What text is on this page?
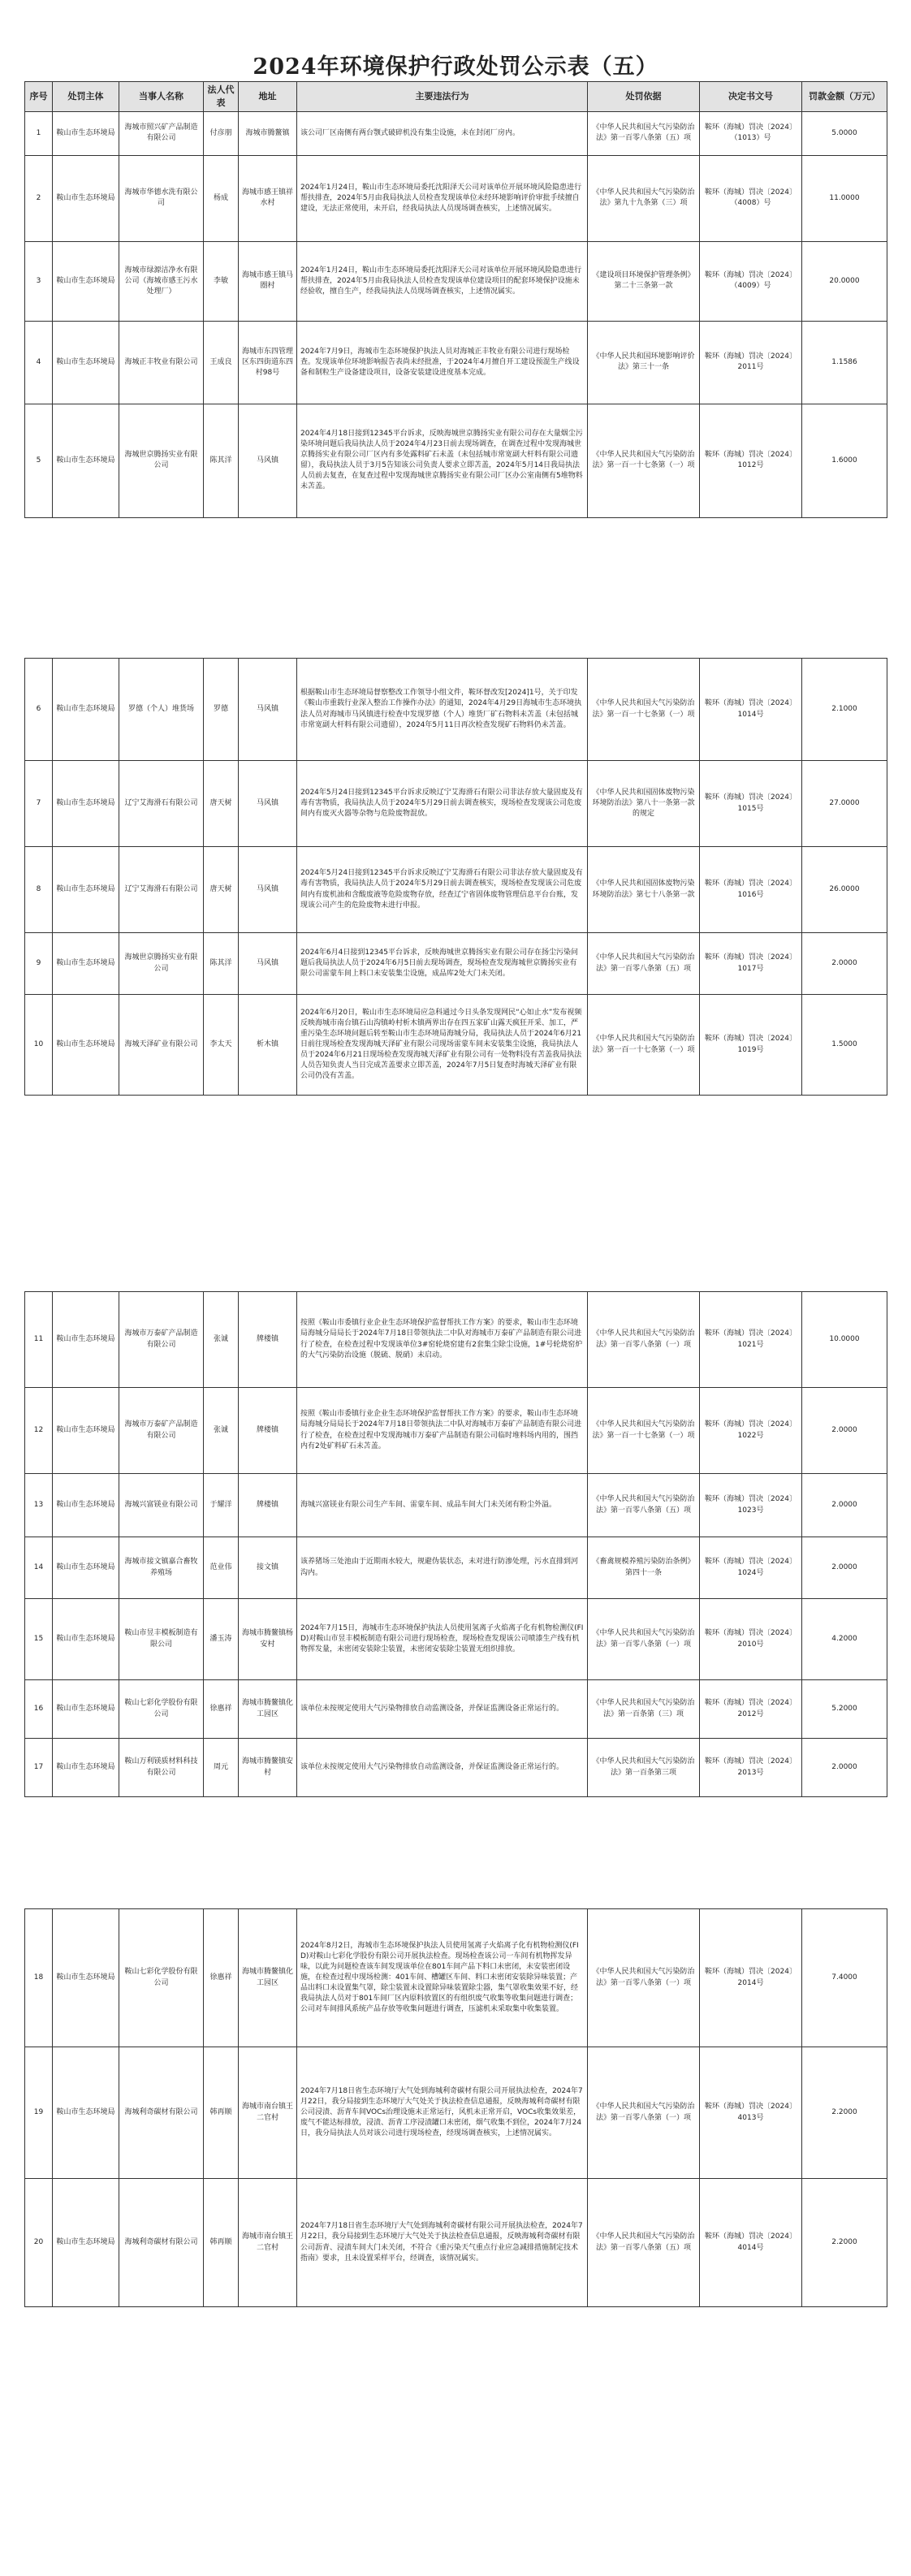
2024年环境保护行政处罚公示表（五）
序号	处罚主体	当事人名称	法人代表	地址	主要违法行为	处罚依据	决定书文号	罚款金额（万元）
1	鞍山市生态环境局	海城市照兴矿产品制造有限公司	付彦朋	海城市腾鳌镇	该公司厂区南侧有两台颚式破碎机没有集尘设施，未在封闭厂房内。	《中华人民共和国大气污染防治法》第一百零八条第（五）项	鞍环（海城）罚决〔2024〕（1013）号	5.0000
2	鞍山市生态环境局	海城市华德水洗有限公司	杨成	海城市感王镇祥水村	2024年1月24日，鞍山市生态环境局委托沈阳泽天公司对该单位开展环境风险隐患进行帮扶排查，2024年5月由我局执法人员检查发现该单位未经环境影响评价审批手续擅自建设，无法正常使用，未开启，经我局执法人员现场调查核实，上述情况属实。	《中华人民共和国大气污染防治法》第九十九条第（三）项	鞍环（海城）罚决〔2024〕（4008）号	11.0000
3	鞍山市生态环境局	海城市绿源洁净水有限公司（海城市感王污水处理厂）	李敏	海城市感王镇马圈村	2024年1月24日，鞍山市生态环境局委托沈阳泽天公司对该单位开展环境风险隐患进行帮扶排查，2024年5月由我局执法人员检查发现该单位建设项目的配套环境保护设施未经验收，擅自生产，经我局执法人员现场调查核实，上述情况属实。	《建设项目环境保护管理条例》第二十三条第一款	鞍环（海城）罚决〔2024〕（4009）号	20.0000
4	鞍山市生态环境局	海城正丰牧业有限公司	王成良	海城市东四管理区东四街道东四村98号	2024年7月9日，海城市生态环境保护执法人员对海城正丰牧业有限公司进行现场检查。发现该单位环境影响报告表尚未经批准，于2024年4月擅自开工建设预混生产线设备和制粒生产设备建设项目，设备安装建设进度基本完成。	《中华人民共和国环境影响评价法》第三十一条	鞍环（海城）罚决〔2024〕2011号	1.1586
5	鞍山市生态环境局	海城世京腾扬实业有限公司	陈其洋	马风镇	2024年4月18日接到12345平台诉求，反映海城世京腾扬实业有限公司存在大量烟尘污染环境问题后我局执法人员于2024年4月23日前去现场调查，在调查过程中发现海城世京腾扬实业有限公司厂区内有多处露料矿石未盖（未包括城市常宽副大杆料有限公司遗留），我局执法人员于3月5告知该公司负责人要求立即苫盖，2024年5月14日我局执法人员前去复查，在复查过程中发现海城世京腾扬实业有限公司厂区办公室南侧有5堆物料未苫盖。	《中华人民共和国大气污染防治法》第一百一十七条第（一）项	鞍环（海城）罚决〔2024〕1012号	1.6000
6	鞍山市生态环境局	罗德（个人）堆货场	罗德	马风镇	根据鞍山市生态环境局督察整改工作领导小组文件，鞍环督改发[2024]1号，关于印发《鞍山市重载行业深入整治工作操作办法》的通知，2024年4月29日海城市生态环境执法人员对海城市马风镇进行检查中发现罗德（个人）堆货厂矿石物料未苫盖（未包括城市常宽副大杆料有限公司遗留），2024年5月11日再次检查发现矿石物料仍未苫盖。	《中华人民共和国大气污染防治法》第一百一十七条第（一）项	鞍环（海城）罚决〔2024〕1014号	2.1000
7	鞍山市生态环境局	辽宁艾海滑石有限公司	唐天树	马风镇	2024年5月24日接到12345平台诉求反映辽宁艾海滑石有限公司非法存放大量固废及有毒有害物质，我局执法人员于2024年5月29日前去调查核实，现场检查发现该公司危废间内有废灭火器等杂物与危险废物混放。	《中华人民共和国固体废物污染环境防治法》第八十一条第一款的规定	鞍环（海城）罚决〔2024〕1015号	27.0000
8	鞍山市生态环境局	辽宁艾海滑石有限公司	唐天树	马风镇	2024年5月24日接到12345平台诉求反映辽宁艾海滑石有限公司非法存放大量固废及有毒有害物质，我局执法人员于2024年5月29日前去调查核实，现场检查发现该公司危废间内有废机油和含酸废液等危险废物存放，经查辽宁省固体废物管理信息平台台账，发现该公司产生的危险废物未进行申报。	《中华人民共和国固体废物污染环境防治法》第七十八条第一款	鞍环（海城）罚决〔2024〕1016号	26.0000
9	鞍山市生态环境局	海城世京腾扬实业有限公司	陈其洋	马风镇	2024年6月4日接到12345平台诉求，反映海城世京腾扬实业有限公司存在扬尘污染问题后我局执法人员于2024年6月5日前去现场调查，现场检查发现海城世京腾扬实业有限公司雷蒙车间上料口未安装集尘设施，成品库2处大门未关闭。	《中华人民共和国大气污染防治法》第一百零八条第（五）项	鞍环（海城）罚决〔2024〕1017号	2.0000
10	鞍山市生态环境局	海城天泽矿业有限公司	李太天	析木镇	2024年6月20日，鞍山市生态环境局应急科通过今日头条发现网民“心如止水”发布视频反映海城市南台镇石山沟镇岭村析木镇两界出存在四五家矿山露天疯狂开采、加工，严重污染生态环境问题后转至鞍山市生态环境局海城分局，我局执法人员于2024年6月21日前往现场检查发现海城天泽矿业有限公司现场雷蒙车间未安装集尘设施，我局执法人员于2024年6月21日现场检查发现海城天泽矿业有限公司有一处物料没有苫盖我局执法人员告知负责人当日完成苫盖要求立即苫盖，2024年7月5日复查时海城天泽矿业有限公司仍没有苫盖。	《中华人民共和国大气污染防治法》第一百一十七条第（一）项	鞍环（海城）罚决〔2024〕1019号	1.5000
11	鞍山市生态环境局	海城市万泰矿产品制造有限公司	张诚	牌楼镇	按照《鞍山市委镇行业企业生态环境保护监督帮扶工作方案》的要求，鞍山市生态环境局海城分局局长于2024年7月18日带领执法二中队对海城市万泰矿产品制造有限公司进行了检查，在检查过程中发现该单位3#窑轮烧窑建有2套集尘除尘设施，1#号轮烧窑炉的大气污染防治设施（脱硫、脱硝）未启动。	《中华人民共和国大气污染防治法》第一百零八条第（一）项	鞍环（海城）罚决〔2024〕1021号	10.0000
12	鞍山市生态环境局	海城市万泰矿产品制造有限公司	张诚	牌楼镇	按照《鞍山市委镇行业企业生态环境保护监督帮扶工作方案》的要求，鞍山市生态环境局海城分局局长于2024年7月18日带领执法二中队对海城市万泰矿产品制造有限公司进行了检查，在检查过程中发现海城市万泰矿产品制造有限公司临时堆料场内用的，围挡内有2处矿料矿石未苫盖。	《中华人民共和国大气污染防治法》第一百一十七条第（一）项	鞍环（海城）罚决〔2024〕1022号	2.0000
13	鞍山市生态环境局	海城兴富镁业有限公司	于耀洋	牌楼镇	海城兴富镁业有限公司生产车间、雷蒙车间、成品车间大门未关闭有粉尘外溢。	《中华人民共和国大气污染防治法》第一百零八条第（五）项	鞍环（海城）罚决〔2024〕1023号	2.0000
14	鞍山市生态环境局	海城市接文镇嘉合畜牧养殖场	范业伟	接文镇	该养猪场三处池由于近期雨水较大，规避伪装状态，未对进行防渗处理，污水直排到河沟内。	《畜禽规模养殖污染防治条例》第四十一条	鞍环（海城）罚决〔2024〕1024号	2.0000
15	鞍山市生态环境局	鞍山市昱丰模板制造有限公司	潘玉涛	海城市腾鳌镇杨安村	2024年7月15日，海城市生态环境保护执法人员使用氢离子火焰离子化有机物检测仪(FID)对鞍山市昱丰模板制造有限公司进行现场检查，现场检查发现该公司喷漆生产线有机物挥发量，未密闭安装除尘装置，未密闭安装除尘装置无组织排放。	《中华人民共和国大气污染防治法》第一百零八条第（一）项	鞍环（海城）罚决〔2024〕2010号	4.2000
16	鞍山市生态环境局	鞍山七彩化学股份有限公司	徐惠祥	海城市腾鳌镇化工园区	该单位未按规定使用大气污染物排放自动监测设备，并保证监测设备正常运行的。	《中华人民共和国大气污染防治法》第一百条第（三）项	鞍环（海城）罚决〔2024〕2012号	5.2000
17	鞍山市生态环境局	鞍山万利镁质材料科技有限公司	周元	海城市腾鳌镇安村	该单位未按规定使用大气污染物排放自动监测设备，并保证监测设备正常运行的。	《中华人民共和国大气污染防治法》第一百条第三项	鞍环（海城）罚决〔2024〕2013号	2.0000
18	鞍山市生态环境局	鞍山七彩化学股份有限公司	徐惠祥	海城市腾鳌镇化工园区	2024年8月2日，海城市生态环境保护执法人员使用氢离子火焰离子化有机物检测仪(FID)对鞍山七彩化学股份有限公司开展执法检查。现场检查该公司一车间有机物挥发异味，以此为问题检查该车间发现该单位在801车间产品下料口未密闭，未安装密闭设施，在检查过程中现场检测：401车间、槽罐区车间、料口未密闭安装除异味装置；产品出料口未设置集气罩，除尘装置未设置除异味装置除尘器，集气罩收集效果不好，经我局执法人员对于801车间厂区内原料放置区的有组织废气收集等收集问题进行调查；公司对车间排风系统产品存放等收集问题进行调查，压滤机未采取集中收集装置。	《中华人民共和国大气污染防治法》第一百零八条第（一）项	鞍环（海城）罚决〔2024〕2014号	7.4000
19	鞍山市生态环境局	海城利奇碳材有限公司	韩再顺	海城市南台镇王二官村	2024年7月18日省生态环境厅大气处到海城利奇碳材有限公司开展执法检查，2024年7月22日，我分局接到生态环境厅大气处关于执法检查信息通报，反映海城利奇碳材有限公司浸渍、沥青车间VOCs治理设施未正常运行，风机未正常开启，VOCs收集效果差，废气不能达标排放，浸渍、沥青工序浸渍罐口未密闭，烟气收集不到位，2024年7月24日，我分局执法人员对该公司进行现场检查，经现场调查核实，上述情况属实。	《中华人民共和国大气污染防治法》第一百零八条第（一）项	鞍环（海城）罚决〔2024〕4013号	2.2000
20	鞍山市生态环境局	海城利奇碳材有限公司	韩再顺	海城市南台镇王二官村	2024年7月18日省生态环境厅大气处到海城利奇碳材有限公司开展执法检查，2024年7月22日，我分局接到生态环境厅大气处关于执法检查信息通报，反映海城利奇碳材有限公司沥青、浸渍车间大门未关闭，不符合《重污染天气重点行业应急减排措施制定技术指南》要求，且未设置采样平台，经调查，该情况属实。	《中华人民共和国大气污染防治法》第一百零八条第（五）项	鞍环（海城）罚决〔2024〕4014号	2.2000
